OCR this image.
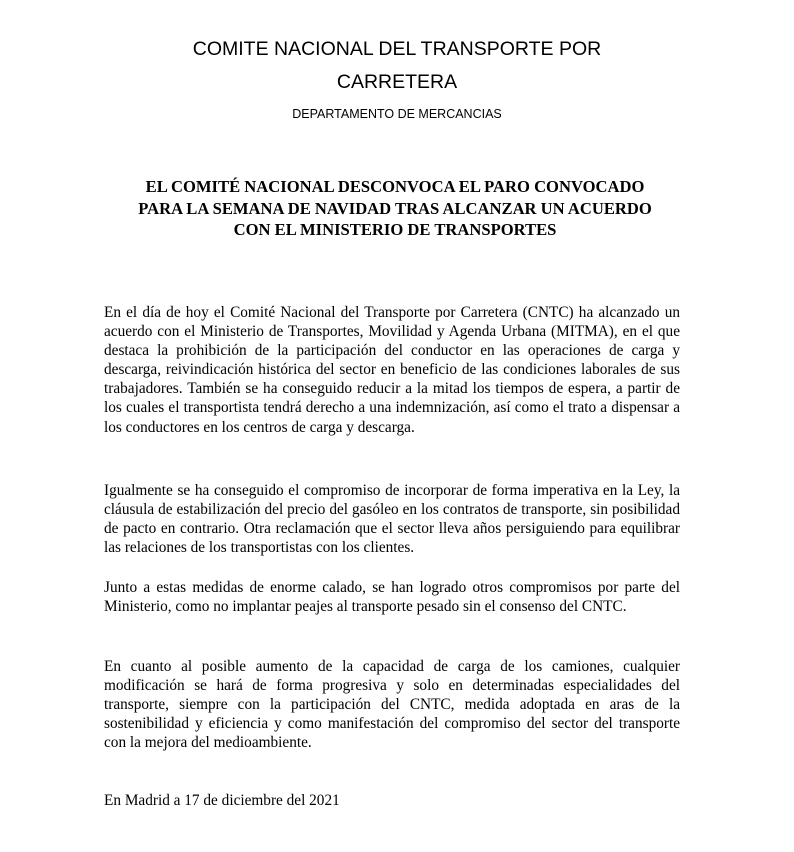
COMITE NACIONAL DEL TRANSPORTE POR CARRETERA
DEPARTAMENTO DE MERCANCIAS
EL COMITÉ NACIONAL DESCONVOCA EL PARO CONVOCADO PARA LA SEMANA DE NAVIDAD TRAS ALCANZAR UN ACUERDO CON EL MINISTERIO DE TRANSPORTES

En el día de hoy el Comité Nacional del Transporte por Carretera (CNTC) ha alcanzado un acuerdo con el Ministerio de Transportes, Movilidad y Agenda Urbana (MITMA), en el que destaca la prohibición de la participación del conductor en las operaciones de carga y descarga, reivindicación histórica del sector en beneficio de las condiciones laborales de sus trabajadores. También se ha conseguido reducir a la mitad los tiempos de espera, a partir de los cuales el transportista tendrá derecho a una indemnización, así como el trato a dispensar a los conductores en los centros de carga y descarga.

Igualmente se ha conseguido el compromiso de incorporar de forma imperativa en la Ley, la cláusula de estabilización del precio del gasóleo en los contratos de transporte, sin posibilidad de pacto en contrario. Otra reclamación que el sector lleva años persiguiendo para equilibrar las relaciones de los transportistas con los clientes.

Junto a estas medidas de enorme calado, se han logrado otros compromisos por parte del Ministerio, como no implantar peajes al transporte pesado sin el consenso del CNTC.

En cuanto al posible aumento de la capacidad de carga de los camiones, cualquier modificación se hará de forma progresiva y solo en determinadas especialidades del transporte, siempre con la participación del CNTC, medida adoptada en aras de la sostenibilidad y eficiencia y como manifestación del compromiso del sector del transporte con la mejora del medioambiente.

En Madrid a 17 de diciembre del 2021
